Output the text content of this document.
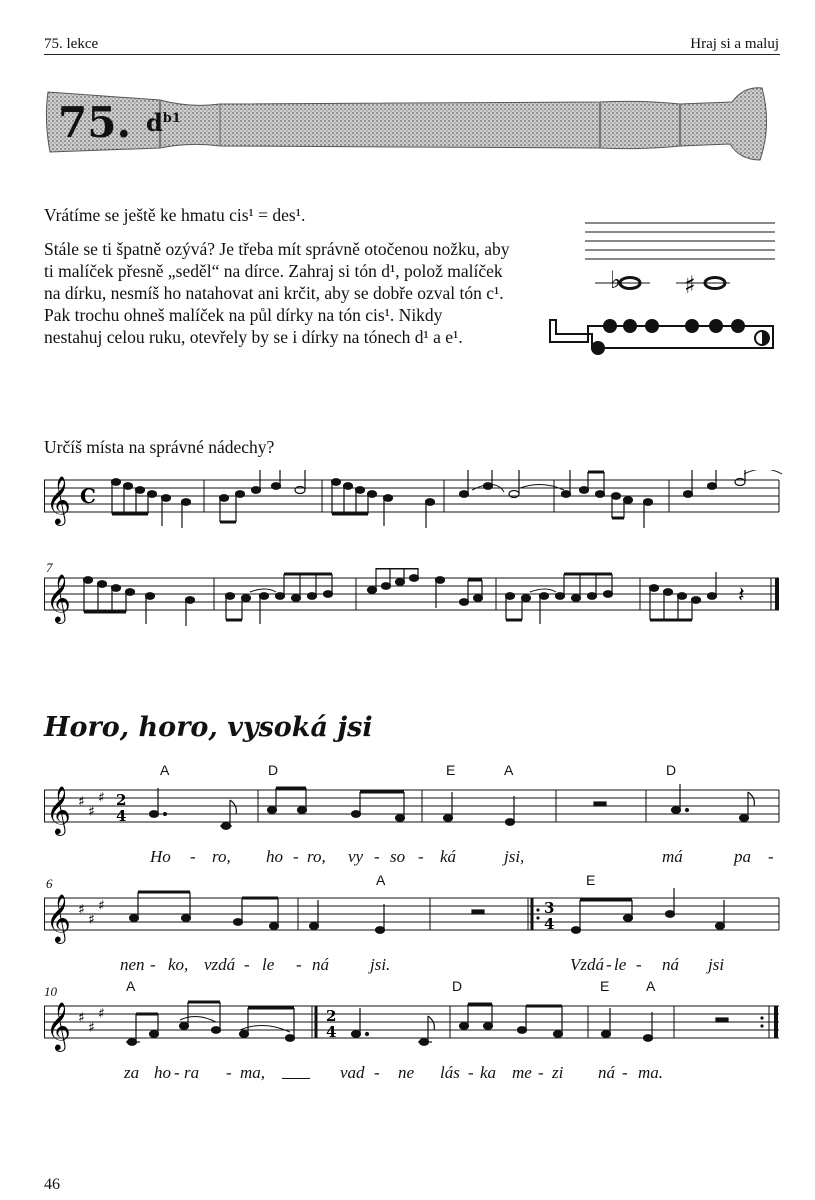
75. lekce	Hraj si a maluj
75. $d^{b1}$
Vrátíme se ještě ke hmatu cis¹ = des¹.
Stále se ti špatně ozývá? Je třeba mít správně otočenou nožku, aby
ti malíček přesně „seděl“ na dírce. Zahraj si tón d¹, polož malíček
na dírku, nesmíš ho natahovat ani krčit, aby se dobře ozval tón c¹.
Pak trochu ohneš malíček na půl dírky na tón cis¹. Nikdy
nestahuj celou ruku, otevřely by se i dírky na tónech d¹ a e¹.
♭	♯
Určíš místa na správné nádechy?
𝄞 C
7
𝄞	𝄽
Horo, horo, vysoká jsi
A	D	E	A	D
𝄞 ♯
♯
♯ 2
4
Ho - ro, ho - ro, vy - so - ká	jsi,	má	pa -
6	A	E
𝄞 ♯
♯
♯	3
4
nen - ko, vzdá - le - ná jsi.	Vzdá - le - ná jsi
10	A	D	E	A
𝄞 ♯
♯
♯	2
4
za ho - ra - ma,	vad - ne lás - ka me - zi ná - ma.
46
